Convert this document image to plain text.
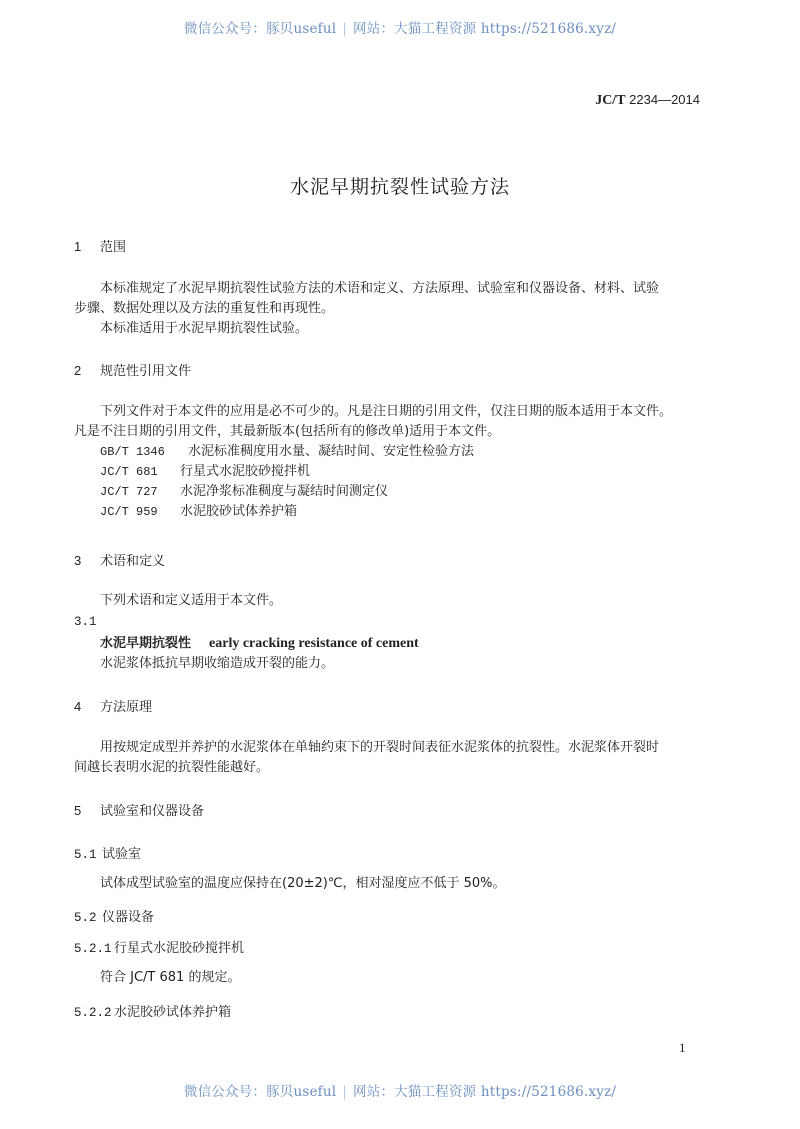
微信公众号：豚贝useful | 网站：大猫工程资源 https://521686.xyz/
JC/T 2234—2014
水泥早期抗裂性试验方法
1 范围
本标准规定了水泥早期抗裂性试验方法的术语和定义、方法原理、试验室和仪器设备、材料、试验
步骤、数据处理以及方法的重复性和再现性。
本标准适用于水泥早期抗裂性试验。
2 规范性引用文件
下列文件对于本文件的应用是必不可少的。凡是注日期的引用文件，仅注日期的版本适用于本文件。
凡是不注日期的引用文件，其最新版本(包括所有的修改单)适用于本文件。
GB/T 1346	水泥标准稠度用水量、凝结时间、安定性检验方法
JC/T 681	行星式水泥胶砂搅拌机
JC/T 727	水泥净浆标准稠度与凝结时间测定仪
JC/T 959	水泥胶砂试体养护箱
3 术语和定义
下列术语和定义适用于本文件。
3.1
水泥早期抗裂性 early cracking resistance of cement
水泥浆体抵抗早期收缩造成开裂的能力。
4 方法原理
用按规定成型并养护的水泥浆体在单轴约束下的开裂时间表征水泥浆体的抗裂性。水泥浆体开裂时
间越长表明水泥的抗裂性能越好。
5 试验室和仪器设备
5.1 试验室
试体成型试验室的温度应保持在(20±2)℃，相对湿度应不低于 50%。
5.2 仪器设备
5.2.1 行星式水泥胶砂搅拌机
符合 JC/T 681 的规定。
5.2.2 水泥胶砂试体养护箱
1
微信公众号：豚贝useful | 网站：大猫工程资源 https://521686.xyz/
